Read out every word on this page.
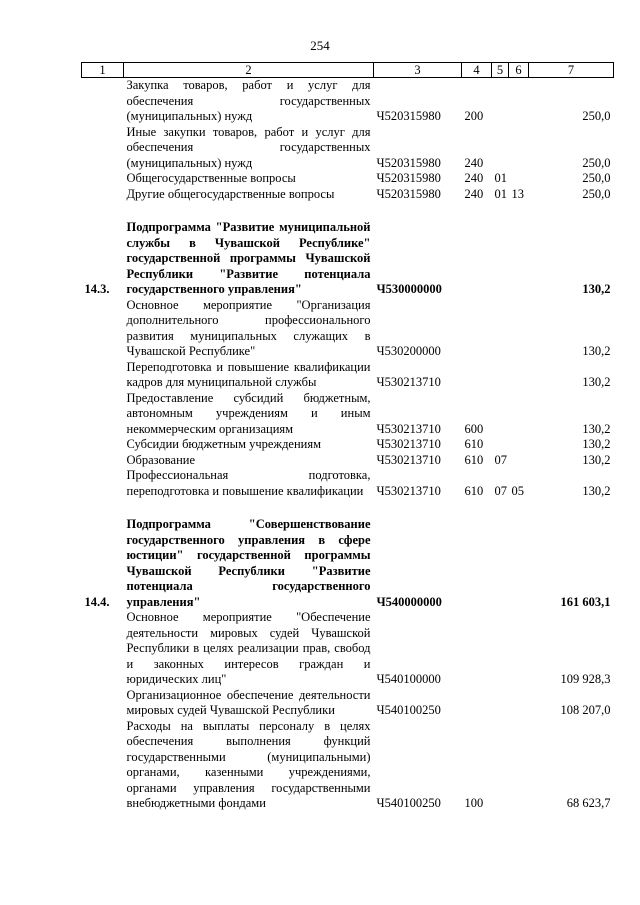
254
1	2	3	4	5	6	7
	Закупка товаров, работ и услуг для обеспечения государственных (муниципальных) нужд	Ч520315980	200			250,0
	Иные закупки товаров, работ и услуг для обеспечения государственных (муниципальных) нужд	Ч520315980	240			250,0
	Общегосударственные вопросы	Ч520315980	240	01		250,0
	Другие общегосударственные вопросы	Ч520315980	240	01	13	250,0

14.3.	Подпрограмма "Развитие муниципальной службы в Чувашской Республике" государственной программы Чувашской Республики "Развитие потенциала государственного управления"	Ч530000000				130,2
	Основное мероприятие "Организация дополнительного профессионального развития муниципальных служащих в Чувашской Республике"	Ч530200000				130,2
	Переподготовка и повышение квалификации кадров для муниципальной службы	Ч530213710				130,2
	Предоставление субсидий бюджетным, автономным учреждениям и иным некоммерческим организациям	Ч530213710	600			130,2
	Субсидии бюджетным учреждениям	Ч530213710	610			130,2
	Образование	Ч530213710	610	07		130,2
	Профессиональная подготовка, переподготовка и повышение квалификации	Ч530213710	610	07	05	130,2

14.4.	Подпрограмма "Совершенствование государственного управления в сфере юстиции" государственной программы Чувашской Республики "Развитие потенциала государственного управления"	Ч540000000				161 603,1
	Основное мероприятие "Обеспечение деятельности мировых судей Чувашской Республики в целях реализации прав, свобод и законных интересов граждан и юридических лиц"	Ч540100000				109 928,3
	Организационное обеспечение деятельности мировых судей Чувашской Республики	Ч540100250				108 207,0
	Расходы на выплаты персоналу в целях обеспечения выполнения функций государственными (муниципальными) органами, казенными учреждениями, органами управления государственными внебюджетными фондами	Ч540100250	100			68 623,7
